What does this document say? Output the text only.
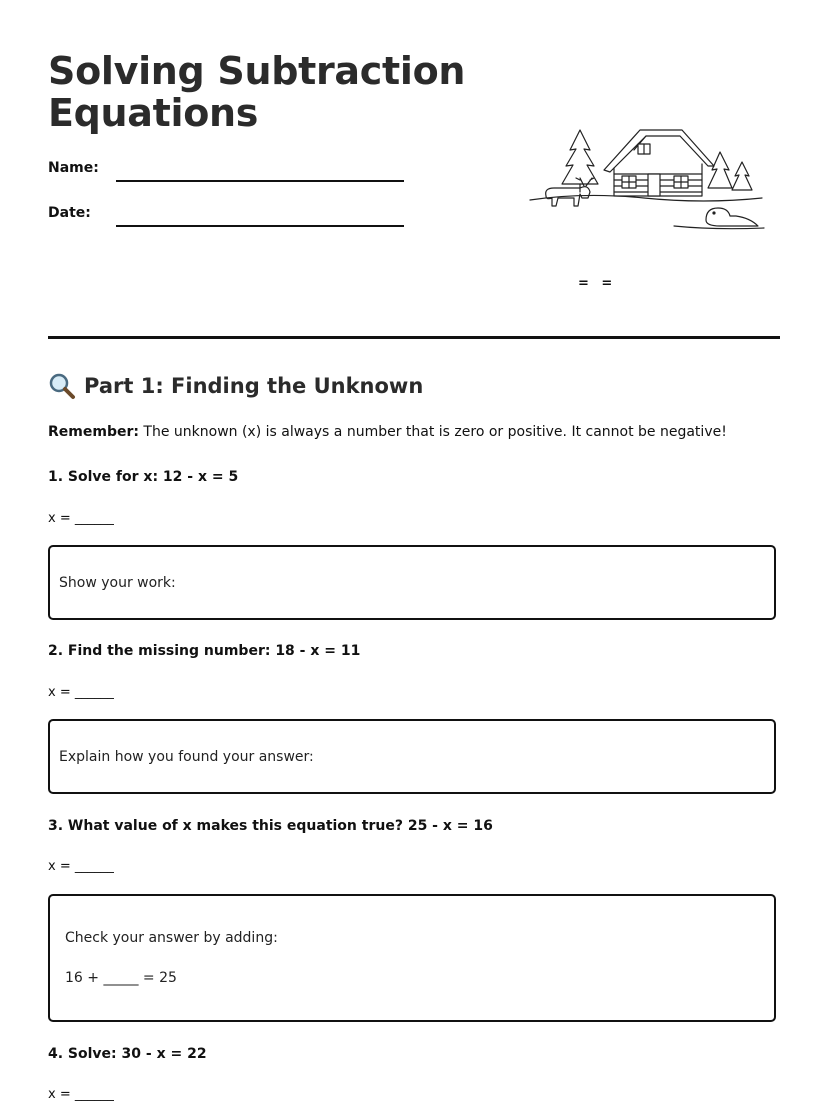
Solving Subtraction
Equations
Name:
Date:
= =
Part 1: Finding the Unknown
Remember: The unknown (x) is always a number that is zero or positive. It cannot be negative!
1. Solve for x: 12 - x = 5
x = ______
Show your work:
2. Find the missing number: 18 - x = 11
x = ______
Explain how you found your answer:
3. What value of x makes this equation true? 25 - x = 16
x = ______
Check your answer by adding:
16 + _____ = 25
4. Solve: 30 - x = 22
x = ______
